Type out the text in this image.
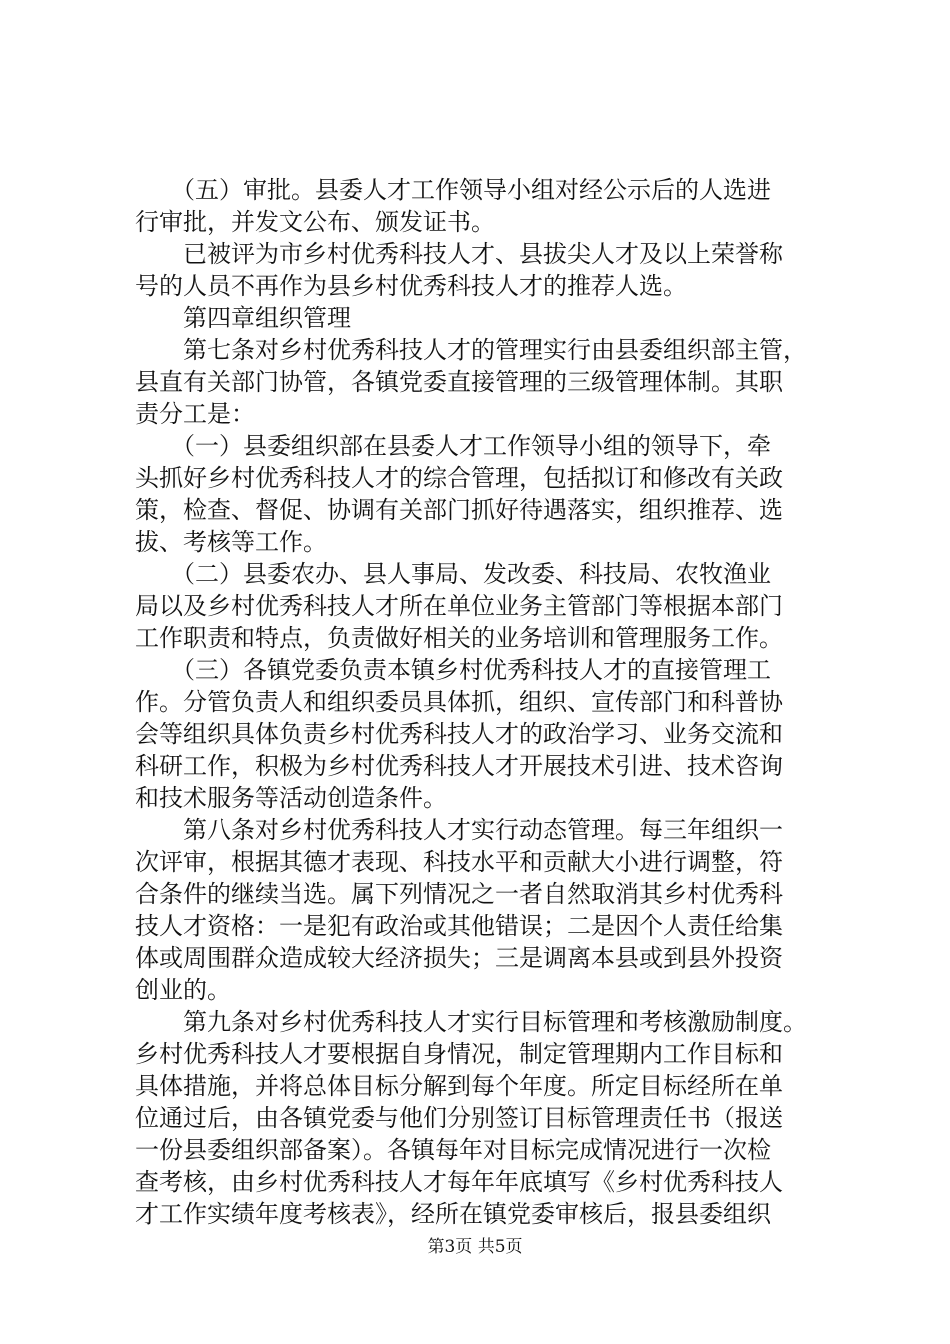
　　（五）审批。县委人才工作领导小组对经公示后的人选进
行审批，并发文公布、颁发证书。
　　已被评为市乡村优秀科技人才、县拔尖人才及以上荣誉称
号的人员不再作为县乡村优秀科技人才的推荐人选。
　　第四章组织管理
　　第七条对乡村优秀科技人才的管理实行由县委组织部主管，
县直有关部门协管，各镇党委直接管理的三级管理体制。其职
责分工是：
　　（一）县委组织部在县委人才工作领导小组的领导下，牵
头抓好乡村优秀科技人才的综合管理，包括拟订和修改有关政
策，检查、督促、协调有关部门抓好待遇落实，组织推荐、选
拔、考核等工作。
　　（二）县委农办、县人事局、发改委、科技局、农牧渔业
局以及乡村优秀科技人才所在单位业务主管部门等根据本部门
工作职责和特点，负责做好相关的业务培训和管理服务工作。
　　（三）各镇党委负责本镇乡村优秀科技人才的直接管理工
作。分管负责人和组织委员具体抓，组织、宣传部门和科普协
会等组织具体负责乡村优秀科技人才的政治学习、业务交流和
科研工作，积极为乡村优秀科技人才开展技术引进、技术咨询
和技术服务等活动创造条件。
　　第八条对乡村优秀科技人才实行动态管理。每三年组织一
次评审，根据其德才表现、科技水平和贡献大小进行调整，符
合条件的继续当选。属下列情况之一者自然取消其乡村优秀科
技人才资格：一是犯有政治或其他错误；二是因个人责任给集
体或周围群众造成较大经济损失；三是调离本县或到县外投资
创业的。
　　第九条对乡村优秀科技人才实行目标管理和考核激励制度。
乡村优秀科技人才要根据自身情况，制定管理期内工作目标和
具体措施，并将总体目标分解到每个年度。所定目标经所在单
位通过后，由各镇党委与他们分别签订目标管理责任书（报送
一份县委组织部备案）。各镇每年对目标完成情况进行一次检
查考核，由乡村优秀科技人才每年年底填写《乡村优秀科技人
才工作实绩年度考核表》，经所在镇党委审核后，报县委组织
第3页 共5页
